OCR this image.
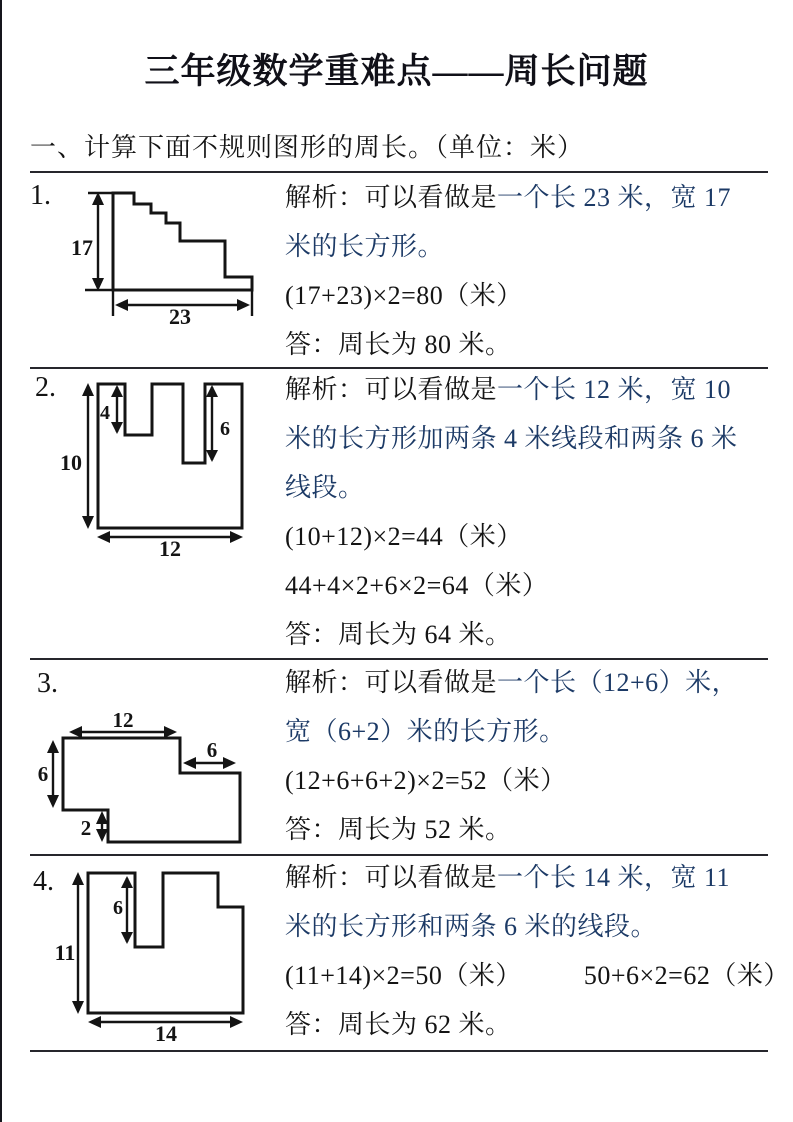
三年级数学重难点——周长问题
一、计算下面不规则图形的周长。（单位：米）
1.
17
23
解析：可以看做是一个长 23 米，宽 17
米的长方形。
(17+23)×2=80（米）
答：周长为 80 米。
2.
10
12
4
6
解析：可以看做是一个长 12 米，宽 10
米的长方形加两条 4 米线段和两条 6 米
线段。
(10+12)×2=44（米）
44+4×2+6×2=64（米）
答：周长为 64 米。
3.
12
6
6
2
解析：可以看做是一个长（12+6）米，
宽（6+2）米的长方形。
(12+6+6+2)×2=52（米）
答：周长为 52 米。
4.
11
6
14
解析：可以看做是一个长 14 米，宽 11
米的长方形和两条 6 米的线段。
(11+14)×2=50（米） 50+6×2=62（米）
答：周长为 62 米。
